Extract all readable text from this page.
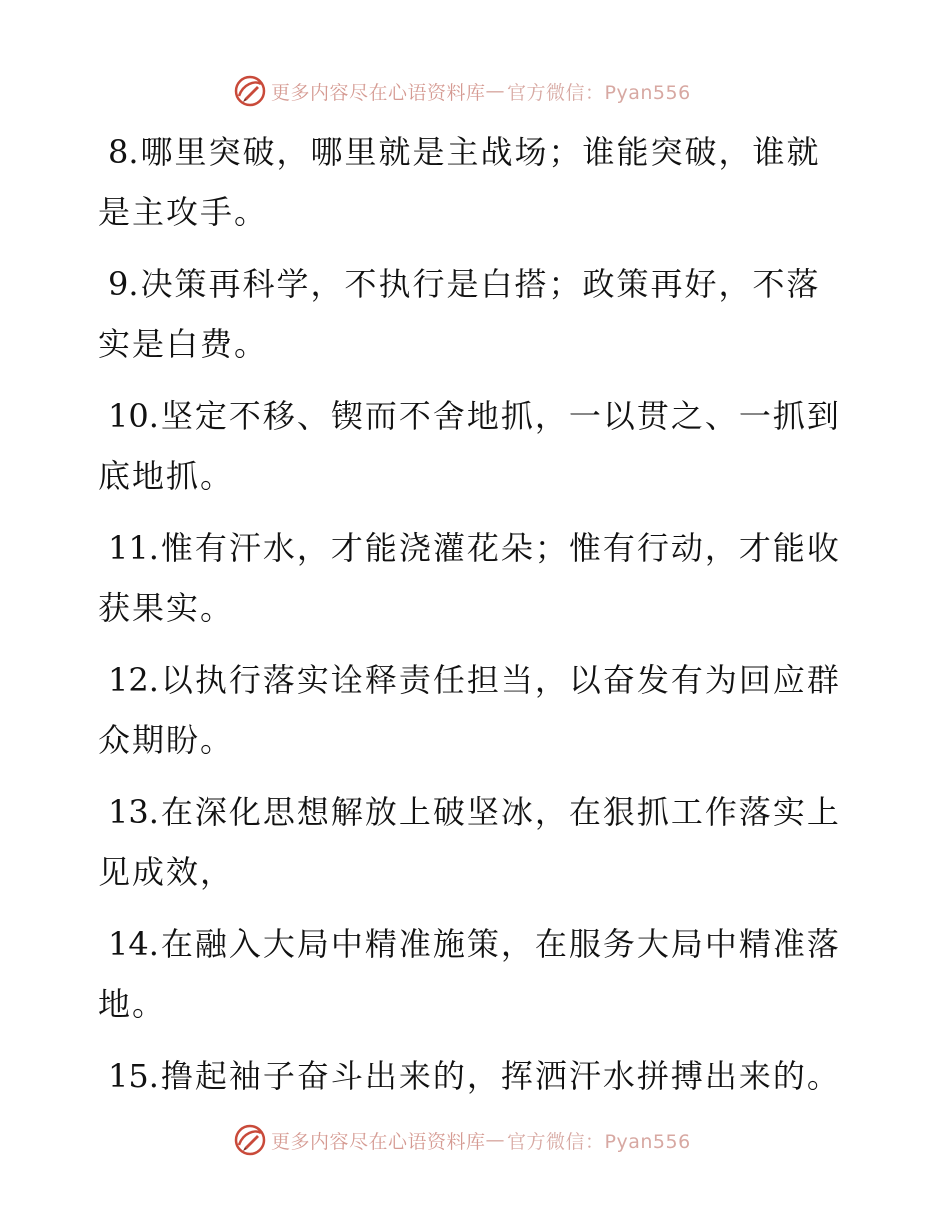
更多内容尽在心语资料库 — 官方微信：Pyan556
8.哪里突破，哪里就是主战场；谁能突破，谁就是主攻手。
9.决策再科学，不执行是白搭；政策再好，不落实是白费。
10.坚定不移、锲而不舍地抓，一以贯之、一抓到底地抓。
11.惟有汗水，才能浇灌花朵；惟有行动，才能收获果实。
12.以执行落实诠释责任担当，以奋发有为回应群众期盼。
13.在深化思想解放上破坚冰，在狠抓工作落实上见成效，
14.在融入大局中精准施策，在服务大局中精准落地。
15.撸起袖子奋斗出来的，挥洒汗水拼搏出来的。
更多内容尽在心语资料库 — 官方微信：Pyan556
